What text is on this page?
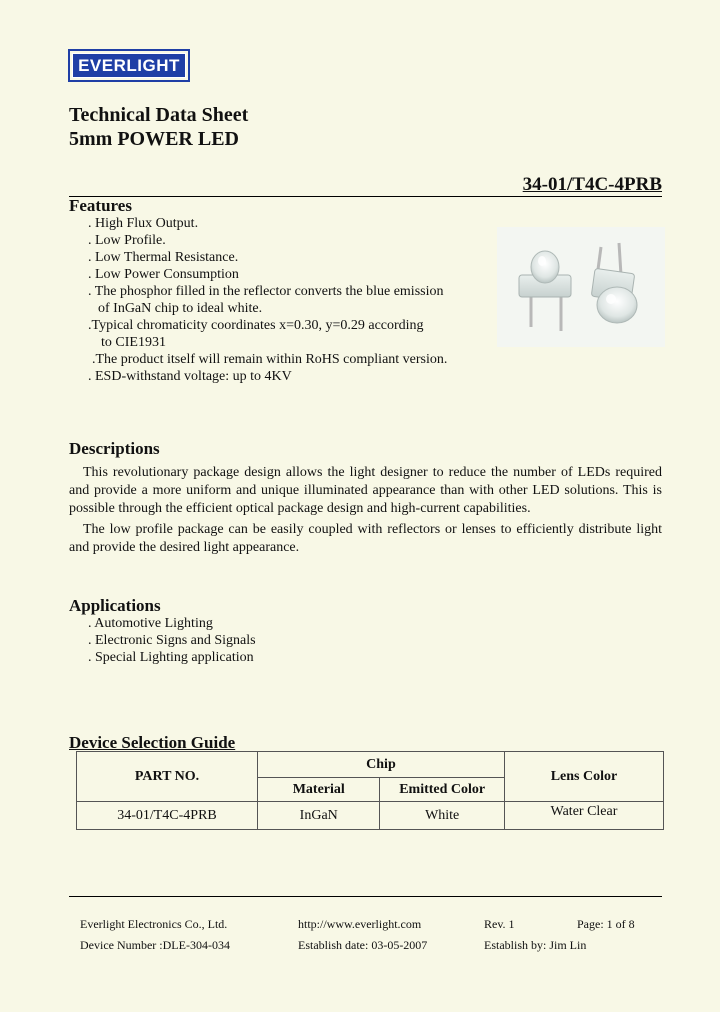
EVERLIGHT
Technical Data Sheet
5mm POWER LED
34-01/T4C-4PRB
Features
. High Flux Output.
. Low Profile.
. Low Thermal Resistance.
. Low Power Consumption
. The phosphor filled in the reflector converts the blue emission
of InGaN chip to ideal white.
.Typical chromaticity coordinates x=0.30, y=0.29 according
to CIE1931
.The product itself will remain within RoHS compliant version.
. ESD-withstand voltage: up to 4KV
Descriptions

This revolutionary package design allows the light designer to reduce the number of LEDs required and provide a more uniform and unique illuminated appearance than with other LED solutions. This is possible through the efficient optical package design and high-current capabilities.

The low profile package can be easily coupled with reflectors or lenses to efficiently distribute light and provide the desired light appearance.

Applications
. Automotive Lighting
. Electronic Signs and Signals
. Special Lighting application
Device Selection Guide
PART NO.	Chip		Lens Color
	Material	Emitted Color	
34-01/T4C-4PRB	InGaN	White	Water Clear
Everlight Electronics Co., Ltd.	http://www.everlight.com	Rev. 1	Page: 1 of 8
Device Number :DLE-304-034	Establish date: 03-05-2007	Establish by: Jim Lin
